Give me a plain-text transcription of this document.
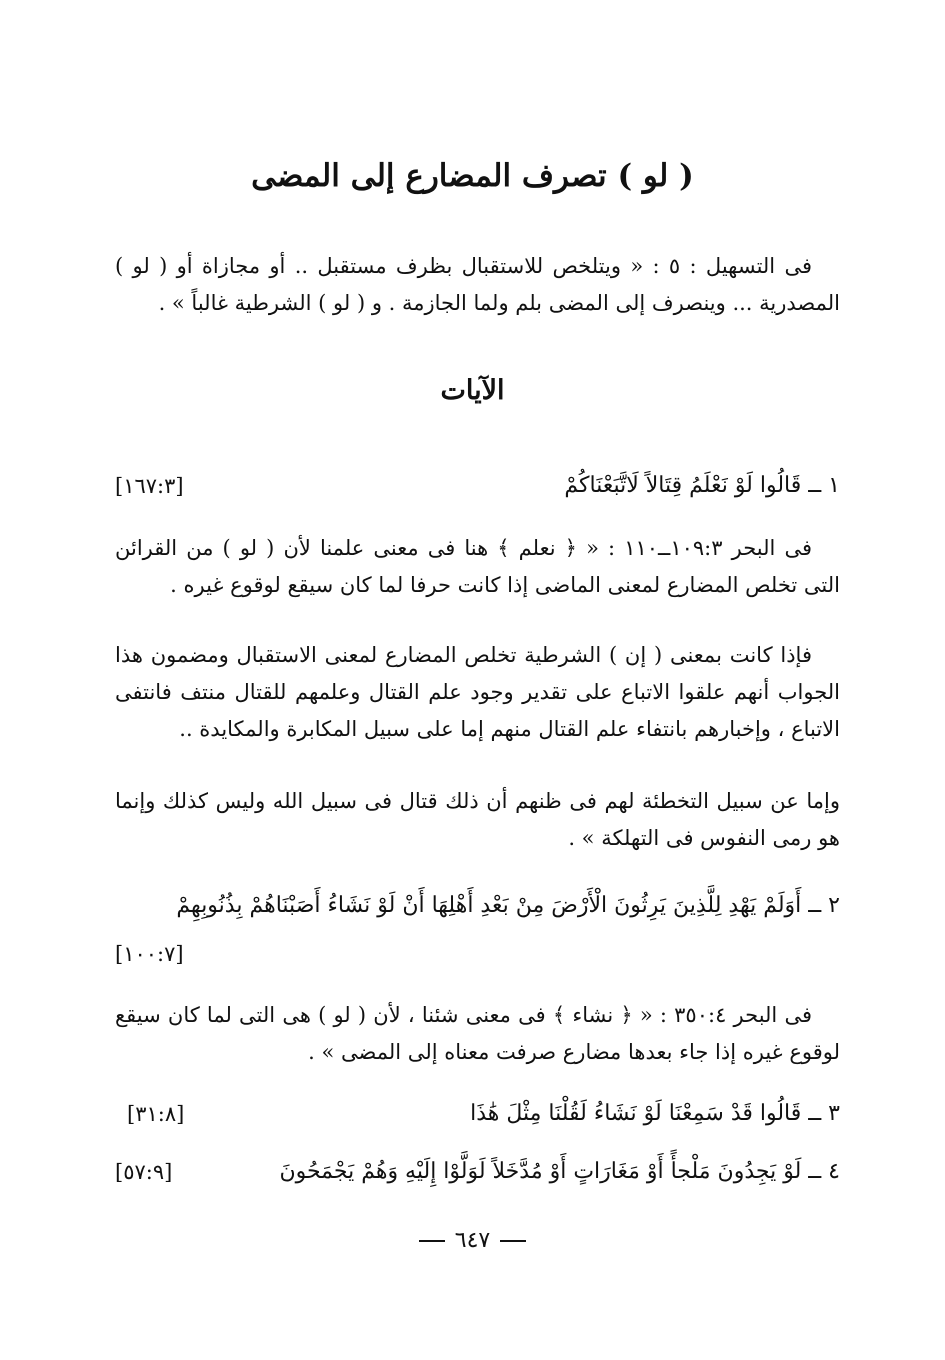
( لو ) تصرف المضارع إلى المضى
فى التسهيل : ٥ : « ويتلخص للاستقبال بظرف مستقبل .. أو مجازاة أو ( لو ) المصدرية ... وينصرف إلى المضى بلم ولما الجازمة . و ( لو ) الشرطية غالباً » .
الآيات
١ ــ قَالُوا لَوْ نَعْلَمُ قِتَالاً لَاتَّبَعْنَاكُمْ
[١٦٧:٣]
فى البحر ١٠٩:٣ــ١١٠ : « ﴿ نعلم ﴾ هنا فى معنى علمنا لأن ( لو ) من القرائن التى تخلص المضارع لمعنى الماضى إذا كانت حرفا لما كان سيقع لوقوع غيره .
فإذا كانت بمعنى ( إن ) الشرطية تخلص المضارع لمعنى الاستقبال ومضمون هذا الجواب أنهم علقوا الاتباع على تقدير وجود علم القتال وعلمهم للقتال منتف فانتفى الاتباع ، وإخبارهم بانتفاء علم القتال منهم إما على سبيل المكابرة والمكايدة ..
وإما عن سبيل التخطئة لهم فى ظنهم أن ذلك قتال فى سبيل الله وليس كذلك وإنما هو رمى النفوس فى التهلكة » .
٢ ــ أَوَلَمْ يَهْدِ لِلَّذِينَ يَرِثُونَ الْأَرْضَ مِنْ بَعْدِ أَهْلِهَا أَنْ لَوْ نَشَاءُ أَصَبْنَاهُمْ بِذُنُوبِهِمْ
[١٠٠:٧]
فى البحر ٣٥٠:٤ : « ﴿ نشاء ﴾ فى معنى شئنا ، لأن ( لو ) هى التى لما كان سيقع لوقوع غيره إذا جاء بعدها مضارع صرفت معناه إلى المضى » .
٣ ــ قَالُوا قَدْ سَمِعْنَا لَوْ نَشَاءُ لَقُلْنَا مِثْلَ هَٰذَا
[٣١:٨]
٤ ــ لَوْ يَجِدُونَ مَلْجأً أَوْ مَغَارَاتٍ أَوْ مُدَّخَلاً لَوَلَّوْا إِلَيْهِ وَهُمْ يَجْمَحُونَ
[٥٧:٩]
٦٤٧
